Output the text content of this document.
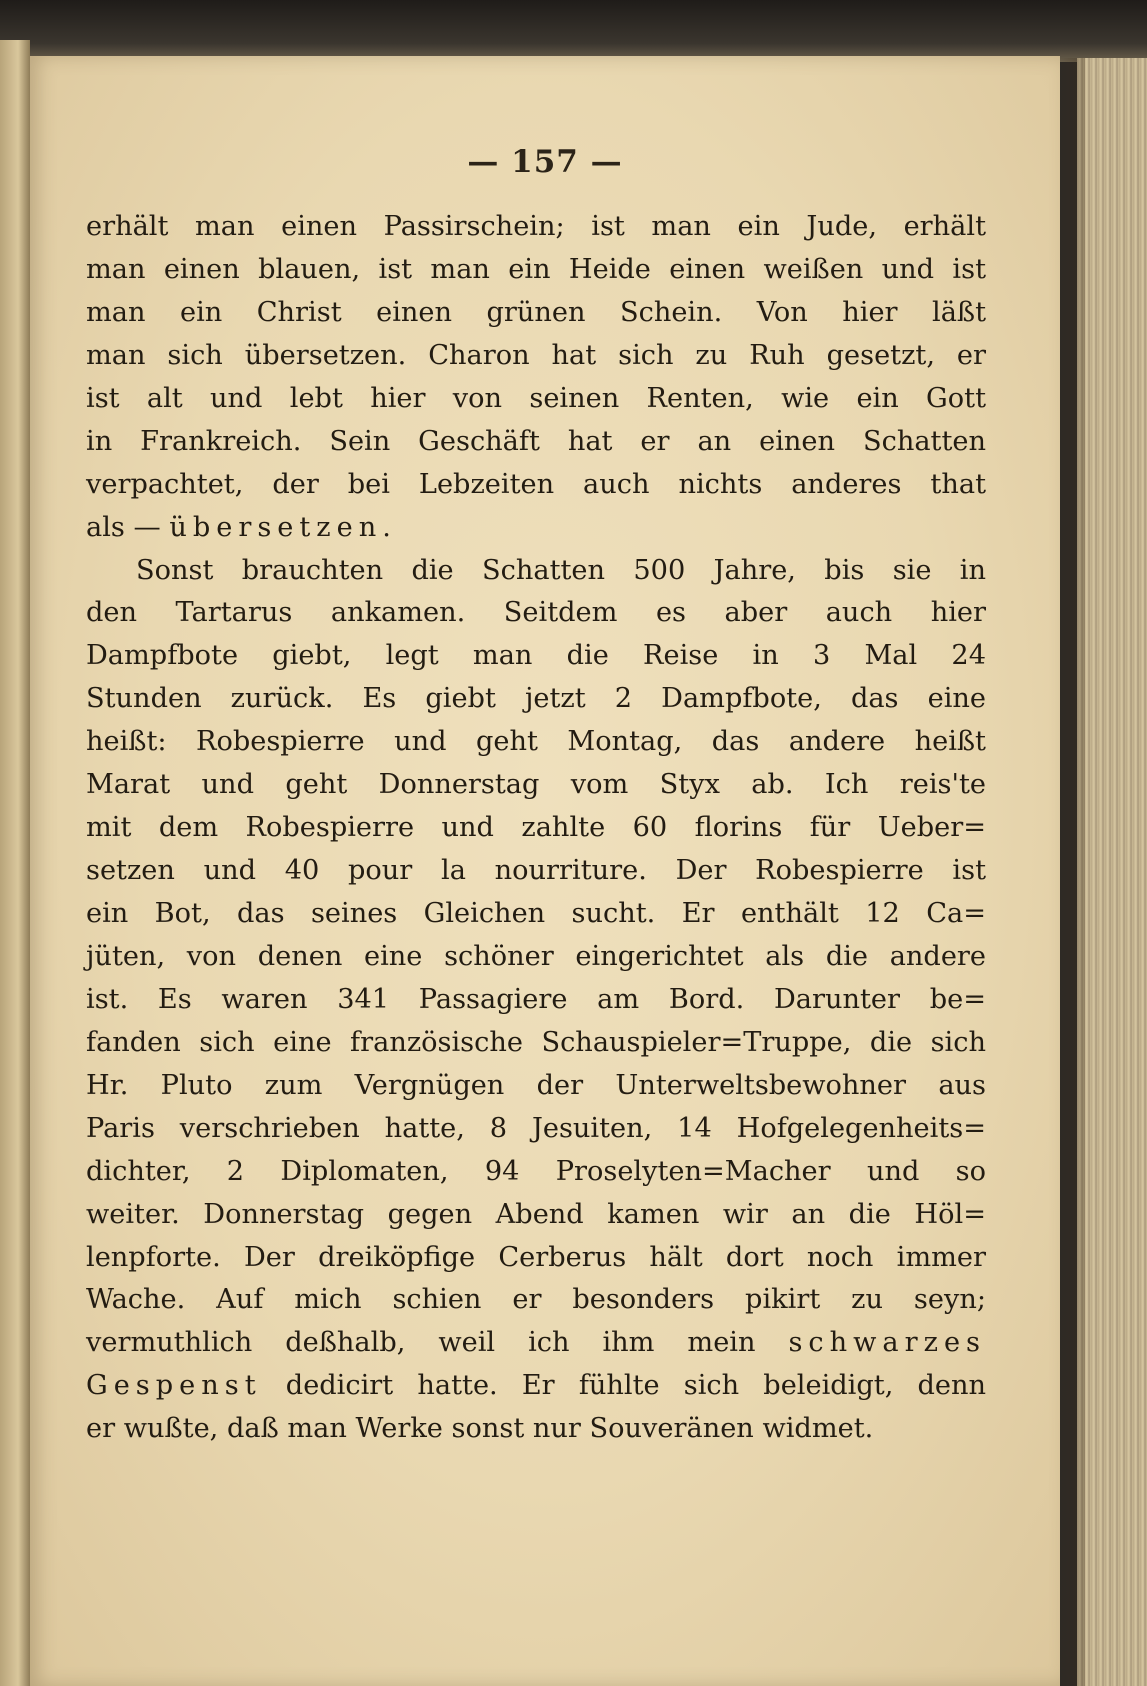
— 157 —
erhält man einen Passirschein; ist man ein Jude, erhält
man einen blauen, ist man ein Heide einen weißen und ist
man ein Christ einen grünen Schein. Von hier läßt
man sich übersetzen. Charon hat sich zu Ruh gesetzt, er
ist alt und lebt hier von seinen Renten, wie ein Gott
in Frankreich. Sein Geschäft hat er an einen Schatten
verpachtet, der bei Lebzeiten auch nichts anderes that
als — übersetzen.
Sonst brauchten die Schatten 500 Jahre, bis sie in
den Tartarus ankamen. Seitdem es aber auch hier
Dampfbote giebt, legt man die Reise in 3 Mal 24
Stunden zurück. Es giebt jetzt 2 Dampfbote, das eine
heißt: Robespierre und geht Montag, das andere heißt
Marat und geht Donnerstag vom Styx ab. Ich reis'te
mit dem Robespierre und zahlte 60 florins für Ueber=
setzen und 40 pour la nourriture. Der Robespierre ist
ein Bot, das seines Gleichen sucht. Er enthält 12 Ca=
jüten, von denen eine schöner eingerichtet als die andere
ist. Es waren 341 Passagiere am Bord. Darunter be=
fanden sich eine französische Schauspieler=Truppe, die sich
Hr. Pluto zum Vergnügen der Unterweltsbewohner aus
Paris verschrieben hatte, 8 Jesuiten, 14 Hofgelegenheits=
dichter, 2 Diplomaten, 94 Proselyten=Macher und so
weiter. Donnerstag gegen Abend kamen wir an die Höl=
lenpforte. Der dreiköpfige Cerberus hält dort noch immer
Wache. Auf mich schien er besonders pikirt zu seyn;
vermuthlich deßhalb, weil ich ihm mein schwarzes
Gespenst dedicirt hatte. Er fühlte sich beleidigt, denn
er wußte, daß man Werke sonst nur Souveränen widmet.
